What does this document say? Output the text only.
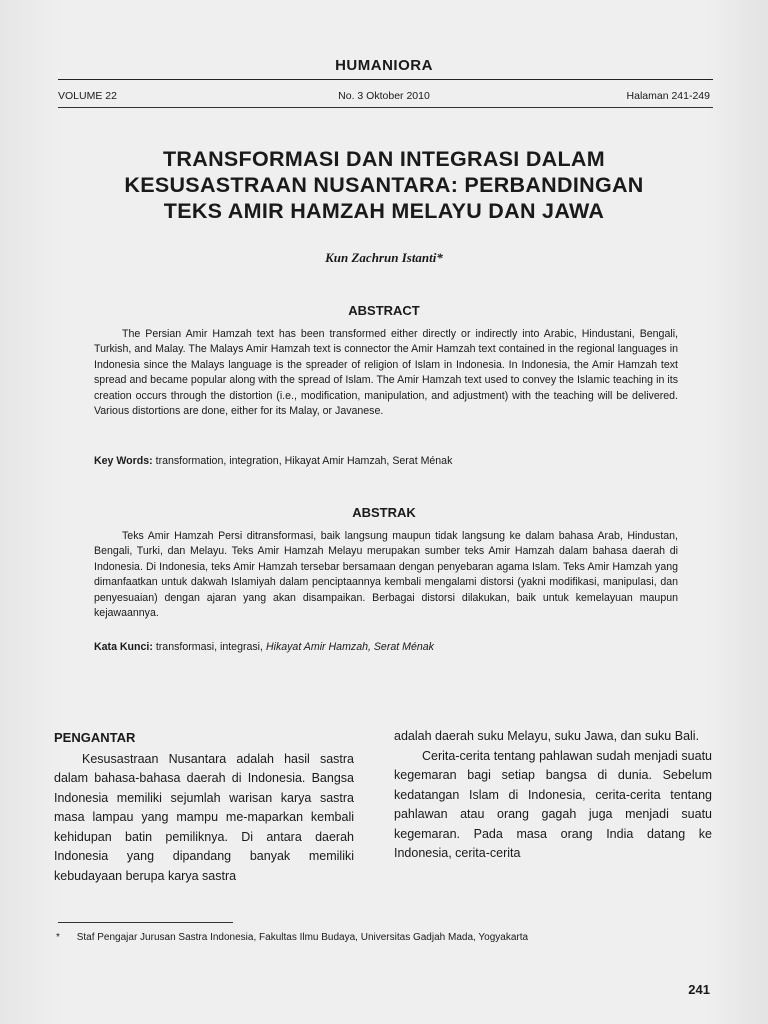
HUMANIORA
VOLUME 22	No. 3 Oktober 2010	Halaman 241-249
TRANSFORMASI DAN INTEGRASI DALAM
KESUSASTRAAN NUSANTARA: PERBANDINGAN
TEKS AMIR HAMZAH MELAYU DAN JAWA
Kun Zachrun Istanti*
ABSTRACT

The Persian Amir Hamzah text has been transformed either directly or indirectly into Arabic, Hindustani, Bengali, Turkish, and Malay. The Malays Amir Hamzah text is connector the Amir Hamzah text contained in the regional languages in Indonesia since the Malays language is the spreader of religion of Islam in Indonesia. In Indonesia, the Amir Hamzah text spread and became popular along with the spread of Islam. The Amir Hamzah text used to convey the Islamic teaching in its creation occurs through the distortion (i.e., modification, manipulation, and adjustment) with the teaching will be delivered. Various distortions are done, either for its Malay, or Javanese.

Key Words: transformation, integration, Hikayat Amir Hamzah, Serat Ménak
ABSTRAK

Teks Amir Hamzah Persi ditransformasi, baik langsung maupun tidak langsung ke dalam bahasa Arab, Hindustan, Bengali, Turki, dan Melayu. Teks Amir Hamzah Melayu merupakan sumber teks Amir Hamzah dalam bahasa daerah di Indonesia. Di Indonesia, teks Amir Hamzah tersebar bersamaan dengan penyebaran agama Islam. Teks Amir Hamzah yang dimanfaatkan untuk dakwah Islamiyah dalam penciptaannya kembali mengalami distorsi (yakni modifikasi, manipulasi, dan penyesuaian) dengan ajaran yang akan disampaikan. Berbagai distorsi dilakukan, baik untuk kemelayuan maupun kejawaannya.

Kata Kunci: transformasi, integrasi, Hikayat Amir Hamzah, Serat Ménak
PENGANTAR

Kesusastraan Nusantara adalah hasil sastra dalam bahasa-bahasa daerah di Indonesia. Bangsa Indonesia memiliki sejumlah warisan karya sastra masa lampau yang mampu me-maparkan kembali kehidupan batin pemiliknya. Di antara daerah Indonesia yang dipandang banyak memiliki kebudayaan berupa karya sastra

adalah daerah suku Melayu, suku Jawa, dan suku Bali.

Cerita-cerita tentang pahlawan sudah menjadi suatu kegemaran bagi setiap bangsa di dunia. Sebelum kedatangan Islam di Indonesia, cerita-cerita tentang pahlawan atau orang gagah juga menjadi suatu kegemaran. Pada masa orang India datang ke Indonesia, cerita-cerita

* Staf Pengajar Jurusan Sastra Indonesia, Fakultas Ilmu Budaya, Universitas Gadjah Mada, Yogyakarta
241
